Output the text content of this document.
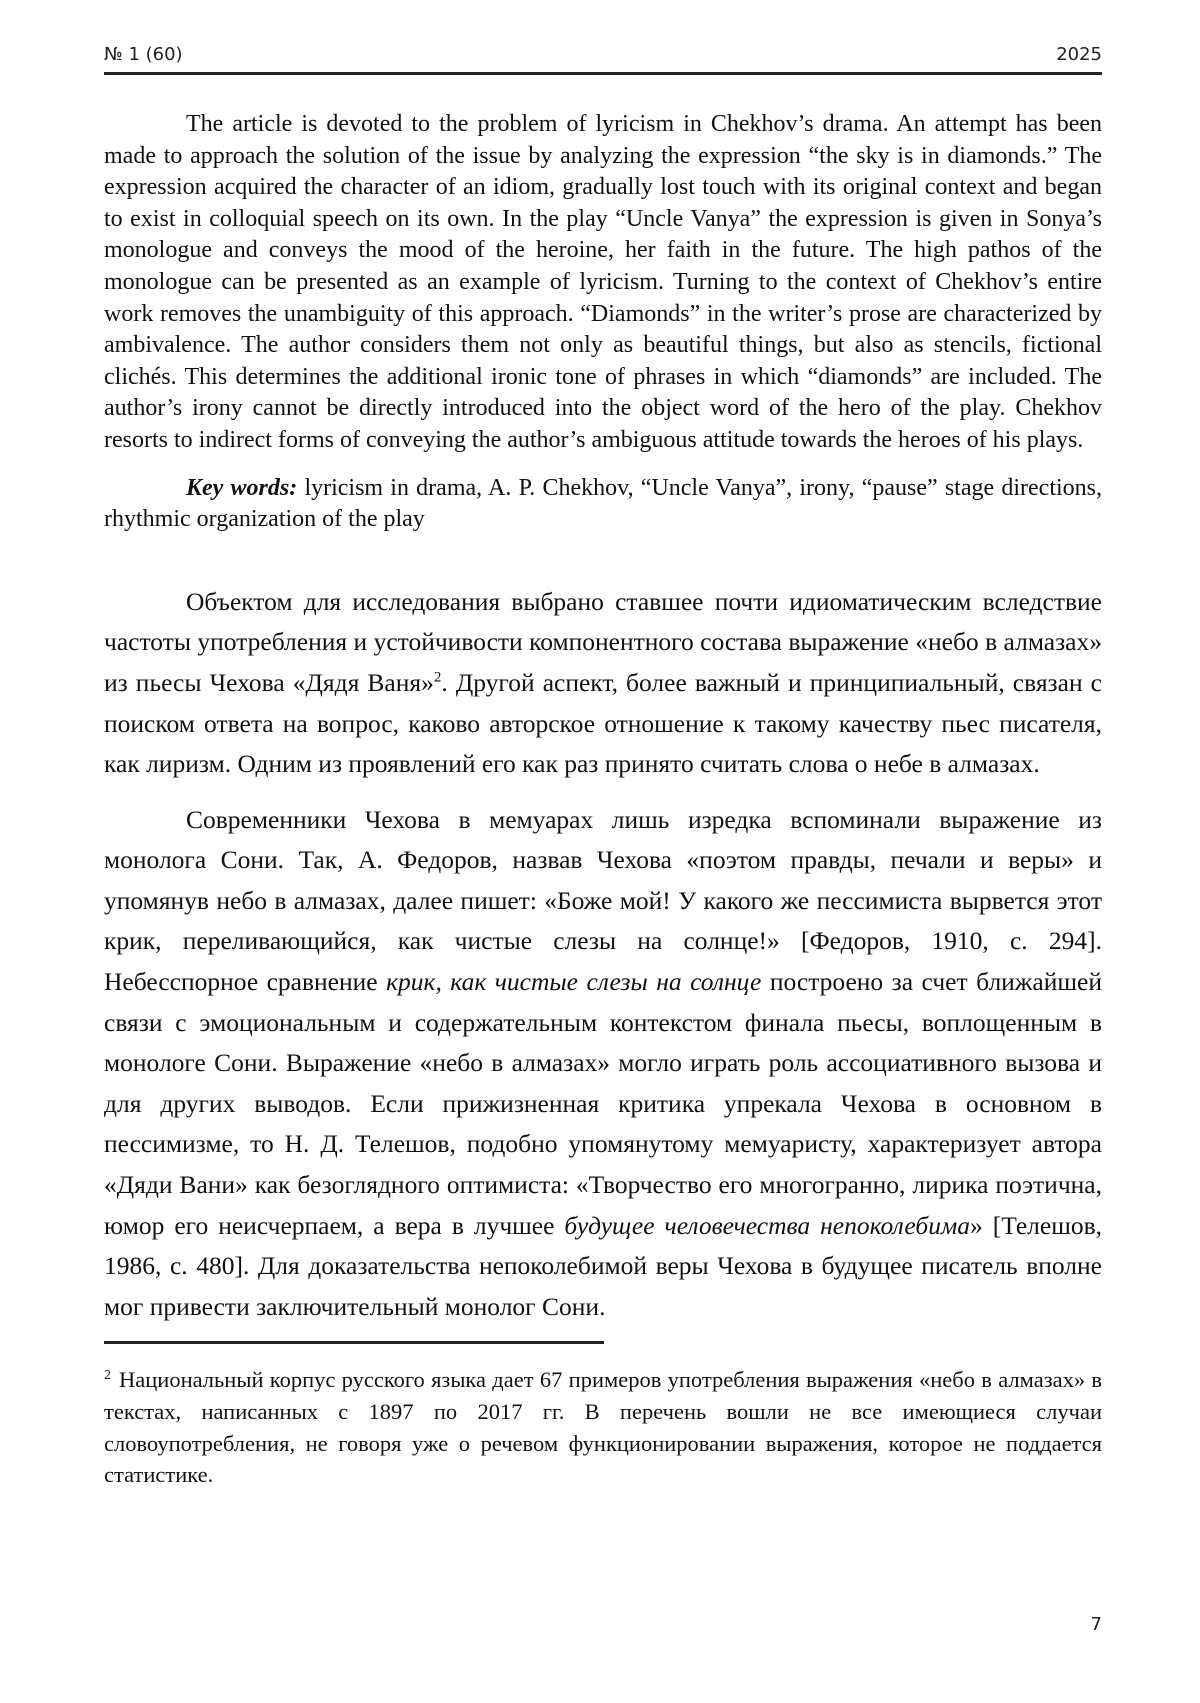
№ 1 (60)	2025

The article is devoted to the problem of lyricism in Chekhov’s drama. An attempt has been made to approach the solution of the issue by analyzing the expression “the sky is in diamonds.” The expression acquired the character of an idiom, gradually lost touch with its original context and began to exist in colloquial speech on its own. In the play “Uncle Vanya” the expression is given in Sonya’s monologue and conveys the mood of the heroine, her faith in the future. The high pathos of the monologue can be presented as an example of lyricism. Turning to the context of Chekhov’s entire work removes the unambiguity of this approach. “Diamonds” in the writer’s prose are characterized by ambivalence. The author considers them not only as beautiful things, but also as stencils, fictional clichés. This determines the additional ironic tone of phrases in which “diamonds” are included. The author’s irony cannot be directly introduced into the object word of the hero of the play. Chekhov resorts to indirect forms of conveying the author’s ambiguous attitude towards the heroes of his plays.

Key words: lyricism in drama, A. P. Chekhov, “Uncle Vanya”, irony, “pause” stage directions, rhythmic organization of the play

Объектом для исследования выбрано ставшее почти идиоматическим вследствие частоты употребления и устойчивости компонентного состава выражение «небо в алмазах» из пьесы Чехова «Дядя Ваня»$^2$. Другой аспект, более важный и принципиальный, связан с поиском ответа на вопрос, каково авторское отношение к такому качеству пьес писателя, как лиризм. Одним из проявлений его как раз принято считать слова о небе в алмазах.

Современники Чехова в мемуарах лишь изредка вспоминали выражение из монолога Сони. Так, А. Федоров, назвав Чехова «поэтом правды, печали и веры» и упомянув небо в алмазах, далее пишет: «Боже мой! У какого же пессимиста вырвется этот крик, переливающийся, как чистые слезы на солнце!» [Федоров, 1910, с. 294]. Небесспорное сравнение крик, как чистые слезы на солнце построено за счет ближайшей связи с эмоциональным и содержательным контекстом финала пьесы, воплощенным в монологе Сони. Выражение «небо в алмазах» могло играть роль ассоциативного вызова и для других выводов. Если прижизненная критика упрекала Чехова в основном в пессимизме, то Н. Д. Телешов, подобно упомянутому мемуаристу, характеризует автора «Дяди Вани» как безоглядного оптимиста: «Творчество его многогранно, лирика поэтична, юмор его неисчерпаем, а вера в лучшее будущее человечества непоколебима» [Телешов, 1986, с. 480]. Для доказательства непоколебимой веры Чехова в будущее писатель вполне мог привести заключительный монолог Сони.

$^2$ Национальный корпус русского языка дает 67 примеров употребления выражения «небо в алмазах» в текстах, написанных с 1897 по 2017 гг. В перечень вошли не все имеющиеся случаи словоупотребления, не говоря уже о речевом функционировании выражения, которое не поддается статистике.

7
